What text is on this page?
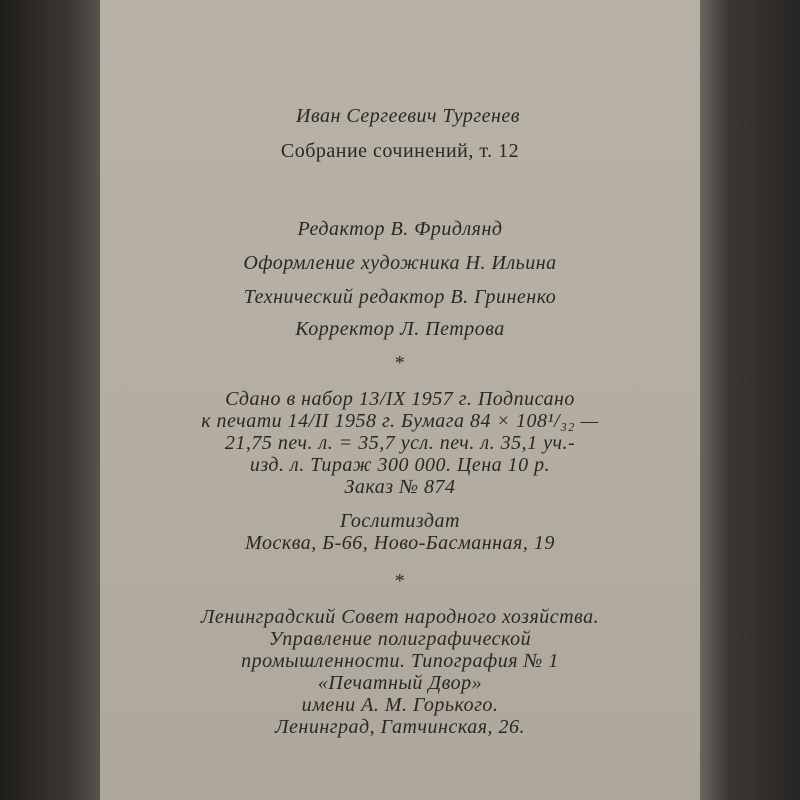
Иван Сергеевич Тургенев
Собрание сочинений, т. 12
Редактор В. Фридлянд
Оформление художника Н. Ильина
Технический редактор В. Гриненко
Корректор Л. Петрова
*
Сдано в набор 13/IX 1957 г. Подписано
к печати 14/II 1958 г. Бумага 84 × 108¹/₃₂ —
21,75 печ. л. = 35,7 усл. печ. л. 35,1 уч.-
изд. л. Тираж 300 000. Цена 10 р.
Заказ № 874
Гослитиздат
Москва, Б-66, Ново-Басманная, 19
*
Ленинградский Совет народного хозяйства.
Управление полиграфической
промышленности. Типография № 1
«Печатный Двор»
имени А. М. Горького.
Ленинград, Гатчинская, 26.
